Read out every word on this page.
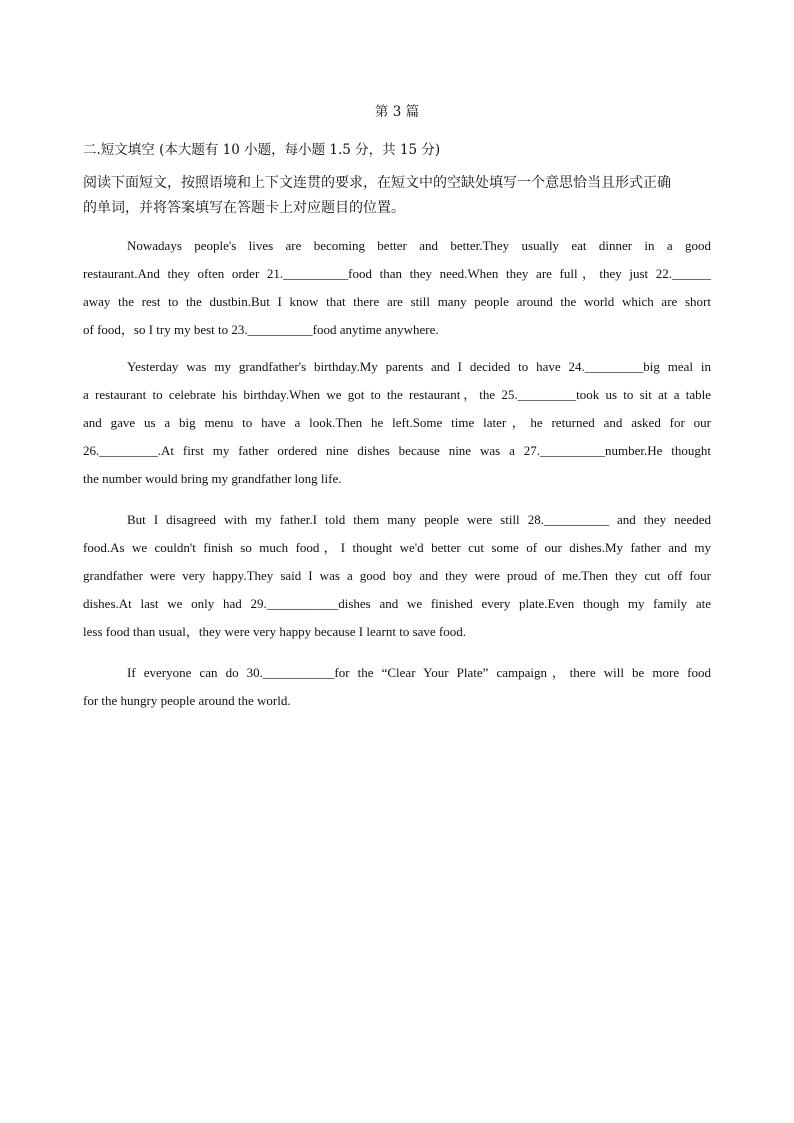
第 3 篇
二.短文填空 (本大题有 10 小题，每小题 1.5 分，共 15 分)
阅读下面短文，按照语境和上下文连贯的要求，在短文中的空缺处填写一个意思恰当且形式正确
的单词，并将答案填写在答题卡上对应题目的位置。
Nowadays people's lives are becoming better and better.They usually eat dinner in a good
restaurant.And they often order 21.__________food than they need.When they are full，they just 22.______
away the rest to the dustbin.But I know that there are still many people around the world which are short
of food，so I try my best to 23.__________food anytime anywhere.
Yesterday was my grandfather's birthday.My parents and I decided to have 24._________big meal in
a restaurant to celebrate his birthday.When we got to the restaurant，the 25._________took us to sit at a table
and gave us a big menu to have a look.Then he left.Some time later，he returned and asked for our
26._________.At first my father ordered nine dishes because nine was a 27.__________number.He thought
the number would bring my grandfather long life.
But I disagreed with my father.I told them many people were still 28.__________ and they needed
food.As we couldn't finish so much food，I thought we'd better cut some of our dishes.My father and my
grandfather were very happy.They said I was a good boy and they were proud of me.Then they cut off four
dishes.At last we only had 29.___________dishes and we finished every plate.Even though my family ate
less food than usual，they were very happy because I learnt to save food.
If everyone can do 30.___________for the “Clear Your Plate” campaign，there will be more food
for the hungry people around the world.
